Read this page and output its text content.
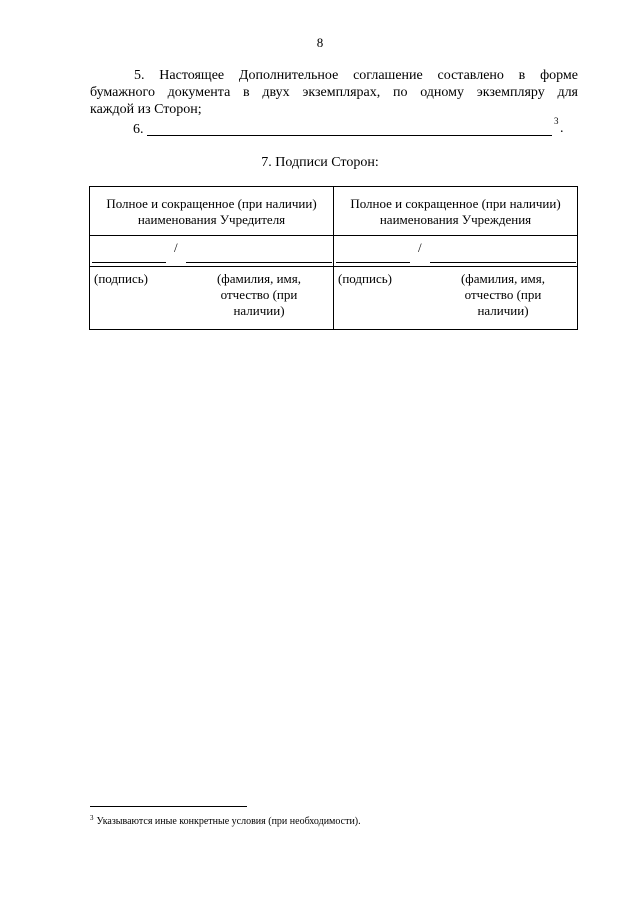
8
5. Настоящее Дополнительное соглашение составлено в форме
бумажного документа в двух экземплярах, по одному экземпляру для
каждой из Сторон;
6.
3 .
7. Подписи Сторон:
Полное и сокращенное (при наличии) наименования Учредителя	Полное и сокращенное (при наличии) наименования Учреждения

/	/

(подпись) (фамилия, имя, отчество (при наличии)	(подпись) (фамилия, имя, отчество (при наличии)
$^3$ Указываются иные конкретные условия (при необходимости).
